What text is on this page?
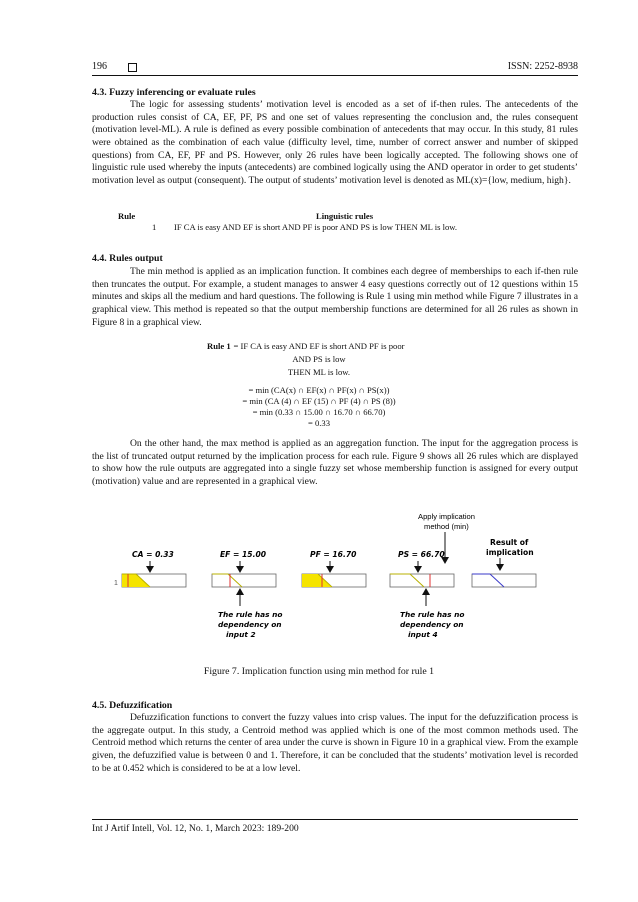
196	ISSN: 2252-8938
4.3. Fuzzy inferencing or evaluate rules

The logic for assessing students’ motivation level is encoded as a set of if-then rules. The antecedents of the production rules consist of CA, EF, PF, PS and one set of values representing the conclusion and, the rules consequent (motivation level-ML). A rule is defined as every possible combination of antecedents that may occur. In this study, 81 rules were obtained as the combination of each value (difficulty level, time, number of correct answer and number of skipped questions) from CA, EF, PF and PS. However, only 26 rules have been logically accepted. The following shows one of linguistic rule used whereby the inputs (antecedents) are combined logically using the AND operator in order to get students’ motivation level as output (consequent). The output of students’ motivation level is denoted as ML(x)={low, medium, high}.

Rule	Linguistic rules
1 IF CA is easy AND EF is short AND PF is poor AND PS is low THEN ML is low.
4.4. Rules output

The min method is applied as an implication function. It combines each degree of memberships to each if-then rule then truncates the output. For example, a student manages to answer 4 easy questions correctly out of 12 questions within 15 minutes and skips all the medium and hard questions. The following is Rule 1 using min method while Figure 7 illustrates in a graphical view. This method is repeated so that the output membership functions are determined for all 26 rules as shown in Figure 8 in a graphical view.

Rule 1 = IF CA is easy AND EF is short AND PF is poor
AND PS is low
THEN ML is low.
= min (CA(x) ∩ EF(x) ∩ PF(x) ∩ PS(x))
= min (CA (4) ∩ EF (15) ∩ PF (4) ∩ PS (8))
= min (0.33 ∩ 15.00 ∩ 16.70 ∩ 66.70)
= 0.33

On the other hand, the max method is applied as an aggregation function. The input for the aggregation process is the list of truncated output returned by the implication process for each rule. Figure 9 shows all 26 rules which are displayed to show how the rule outputs are aggregated into a single fuzzy set whose membership function is assigned for every output (motivation) value and are represented in a graphical view.

Apply implication
method (min)
Result of
implication
CA = 0.33	EF = 15.00	PF = 16.70	PS = 66.70
1
The rule has no
dependency on
input 2
The rule has no
dependency on
input 4
Figure 7. Implication function using min method for rule 1
4.5. Defuzzification

Defuzzification functions to convert the fuzzy values into crisp values. The input for the defuzzification process is the aggregate output. In this study, a Centroid method was applied which is one of the most common methods used. The Centroid method which returns the center of area under the curve is shown in Figure 10 in a graphical view. From the example given, the defuzzified value is between 0 and 1. Therefore, it can be concluded that the students’ motivation level is recorded to be at 0.452 which is considered to be at a low level.

Int J Artif Intell, Vol. 12, No. 1, March 2023: 189-200
